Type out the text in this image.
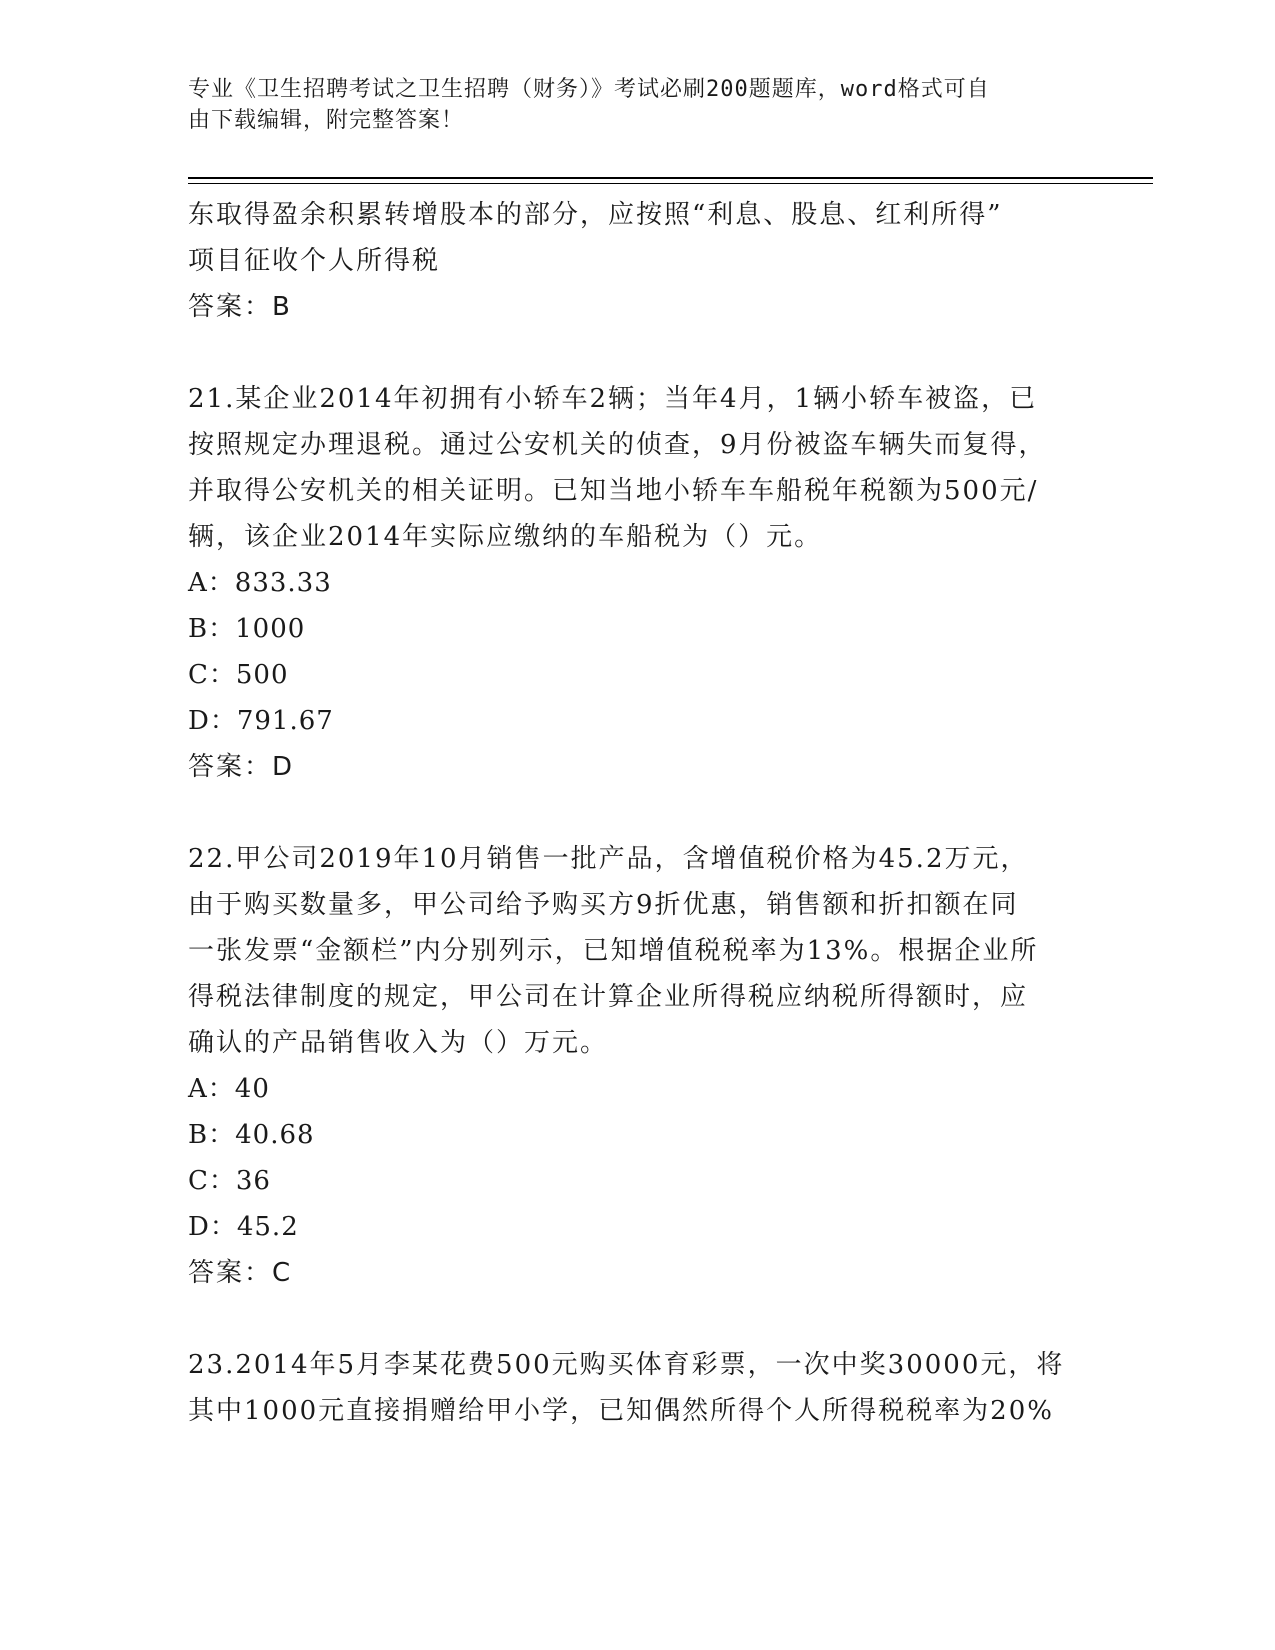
专业《卫生招聘考试之卫生招聘（财务）》考试必刷200题题库，word格式可自
由下载编辑，附完整答案！

东取得盈余积累转增股本的部分，应按照“利息、股息、红利所得”

项目征收个人所得税

答案：B

21.某企业2014年初拥有小轿车2辆；当年4月，1辆小轿车被盗，已

按照规定办理退税。通过公安机关的侦查，9月份被盗车辆失而复得，

并取得公安机关的相关证明。已知当地小轿车车船税年税额为500元/

辆，该企业2014年实际应缴纳的车船税为（）元。

A：833.33

B：1000

C：500

D：791.67

答案：D

22.甲公司2019年10月销售一批产品，含增值税价格为45.2万元，

由于购买数量多，甲公司给予购买方9折优惠，销售额和折扣额在同

一张发票“金额栏”内分别列示，已知增值税税率为13%。根据企业所

得税法律制度的规定，甲公司在计算企业所得税应纳税所得额时，应

确认的产品销售收入为（）万元。

A：40

B：40.68

C：36

D：45.2

答案：C

23.2014年5月李某花费500元购买体育彩票，一次中奖30000元，将

其中1000元直接捐赠给甲小学，已知偶然所得个人所得税税率为20%
